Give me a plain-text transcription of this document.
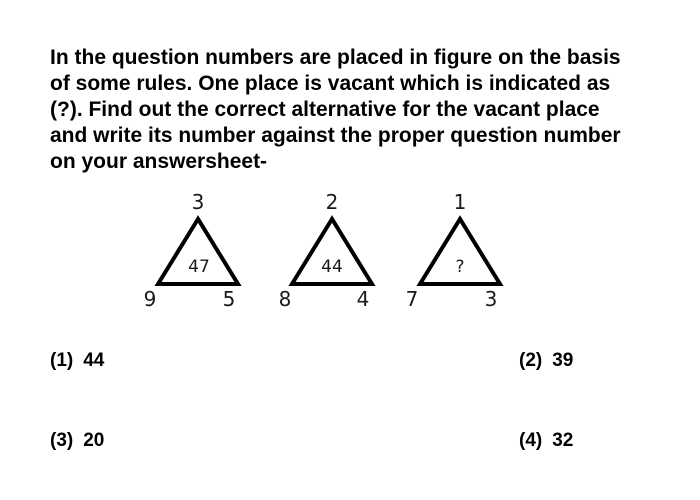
In the question numbers are placed in figure on the basis
of some rules. One place is vacant which is indicated as
(?). Find out the correct alternative for the vacant place
and write its number against the proper question number
on your answersheet-
3
9	5
47
2
8	4
44
1
7	3
?
(1) 44	(2) 39
(3) 20	(4) 32
